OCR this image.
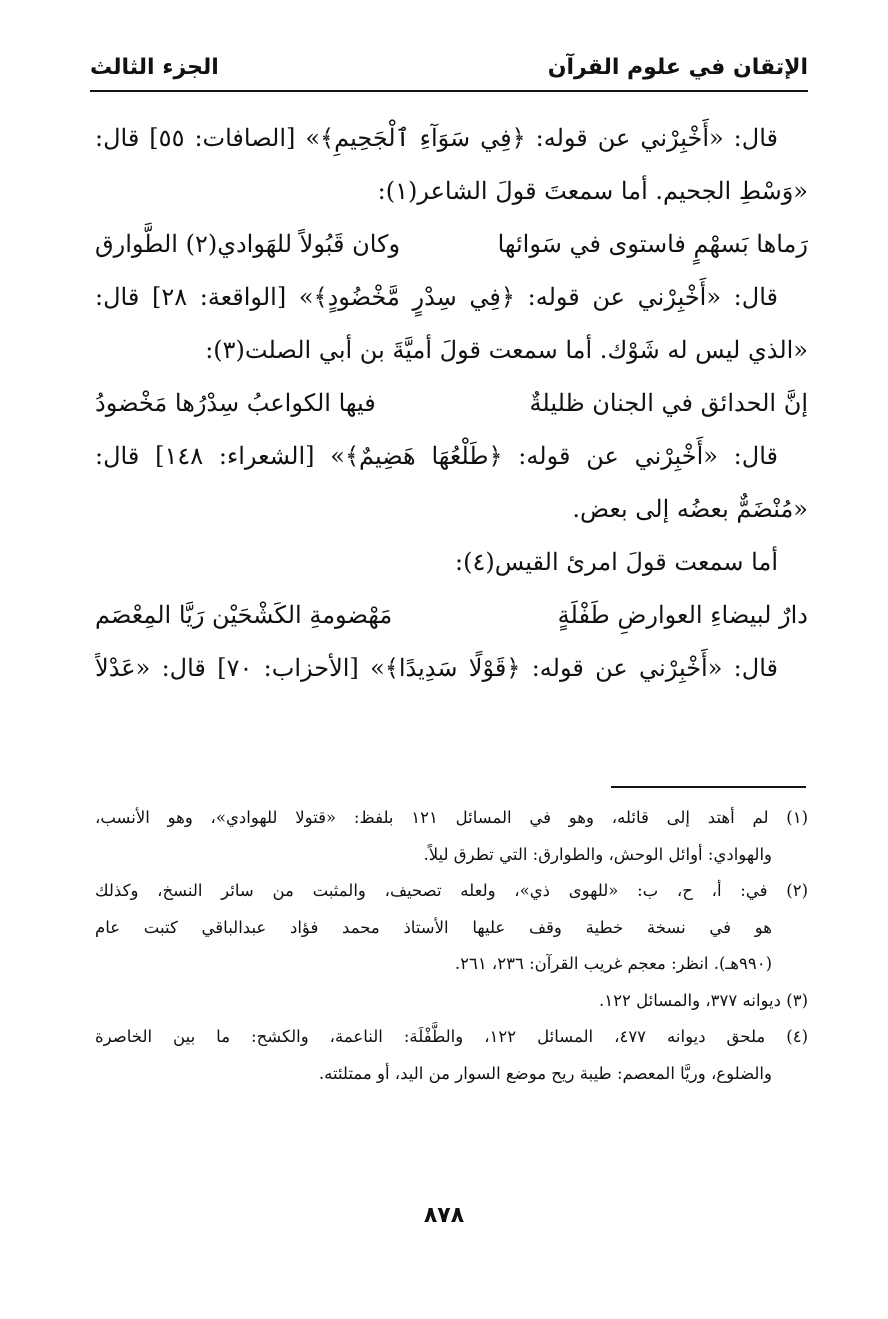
الإتقان في علوم القرآن
الجزء الثالث
قال: «أَخْبِرْني عن قوله: ﴿فِي سَوَآءِ ٱلْجَحِيمِ﴾» [الصافات: ٥٥] قال:
«وَسْطِ الجحيم. أما سمعتَ قولَ الشاعر(١):
رَماها بَسهْمٍ فاستوى في سَوائها
وكان قَبُولاً للهَوادي(٢) الطَّوارق
قال: «أَخْبِرْني عن قوله: ﴿فِي سِدْرٍ مَّخْضُودٍ﴾» [الواقعة: ٢٨] قال:
«الذي ليس له شَوْك. أما سمعت قولَ أميَّةَ بن أبي الصلت(٣):
إنَّ الحدائق في الجنان ظليلةٌ
فيها الكواعبُ سِدْرُها مَخْضودُ
قال: «أَخْبِرْني عن قوله: ﴿طَلْعُهَا هَضِيمٌ﴾» [الشعراء: ١٤٨] قال:
«مُنْضَمٌّ بعضُه إلى بعض.
أما سمعت قولَ امرئ القيس(٤):
دارٌ لبيضاءِ العوارضِ طَفْلَةٍ
مَهْضومةِ الكَشْحَيْن رَيَّا المِعْصَم
قال: «أَخْبِرْني عن قوله: ﴿قَوْلًا سَدِيدًا﴾» [الأحزاب: ٧٠] قال: «عَدْلاً
(١) لم أهتد إلى قائله، وهو في المسائل ١٢١ بلفظ: «قتولا للهوادي»، وهو الأنسب،
والهوادي: أوائل الوحش، والطوارق: التي تطرق ليلاً.
(٢) في: أ، ح، ب: «للهوى ذي»، ولعله تصحيف، والمثبت من سائر النسخ، وكذلك
هو في نسخة خطية وقف عليها الأستاذ محمد فؤاد عبدالباقي كتبت عام
(٩٩٠هـ). انظر: معجم غريب القرآن: ٢٣٦، ٢٦١.
(٣) ديوانه ٣٧٧، والمسائل ١٢٢.
(٤) ملحق ديوانه ٤٧٧، المسائل ١٢٢، والطَّفْلَة: الناعمة، والكشح: ما بين الخاصرة
والضلوع، وريَّا المعصم: طيبة ريح موضع السوار من اليد، أو ممتلئته.
٨٧٨
